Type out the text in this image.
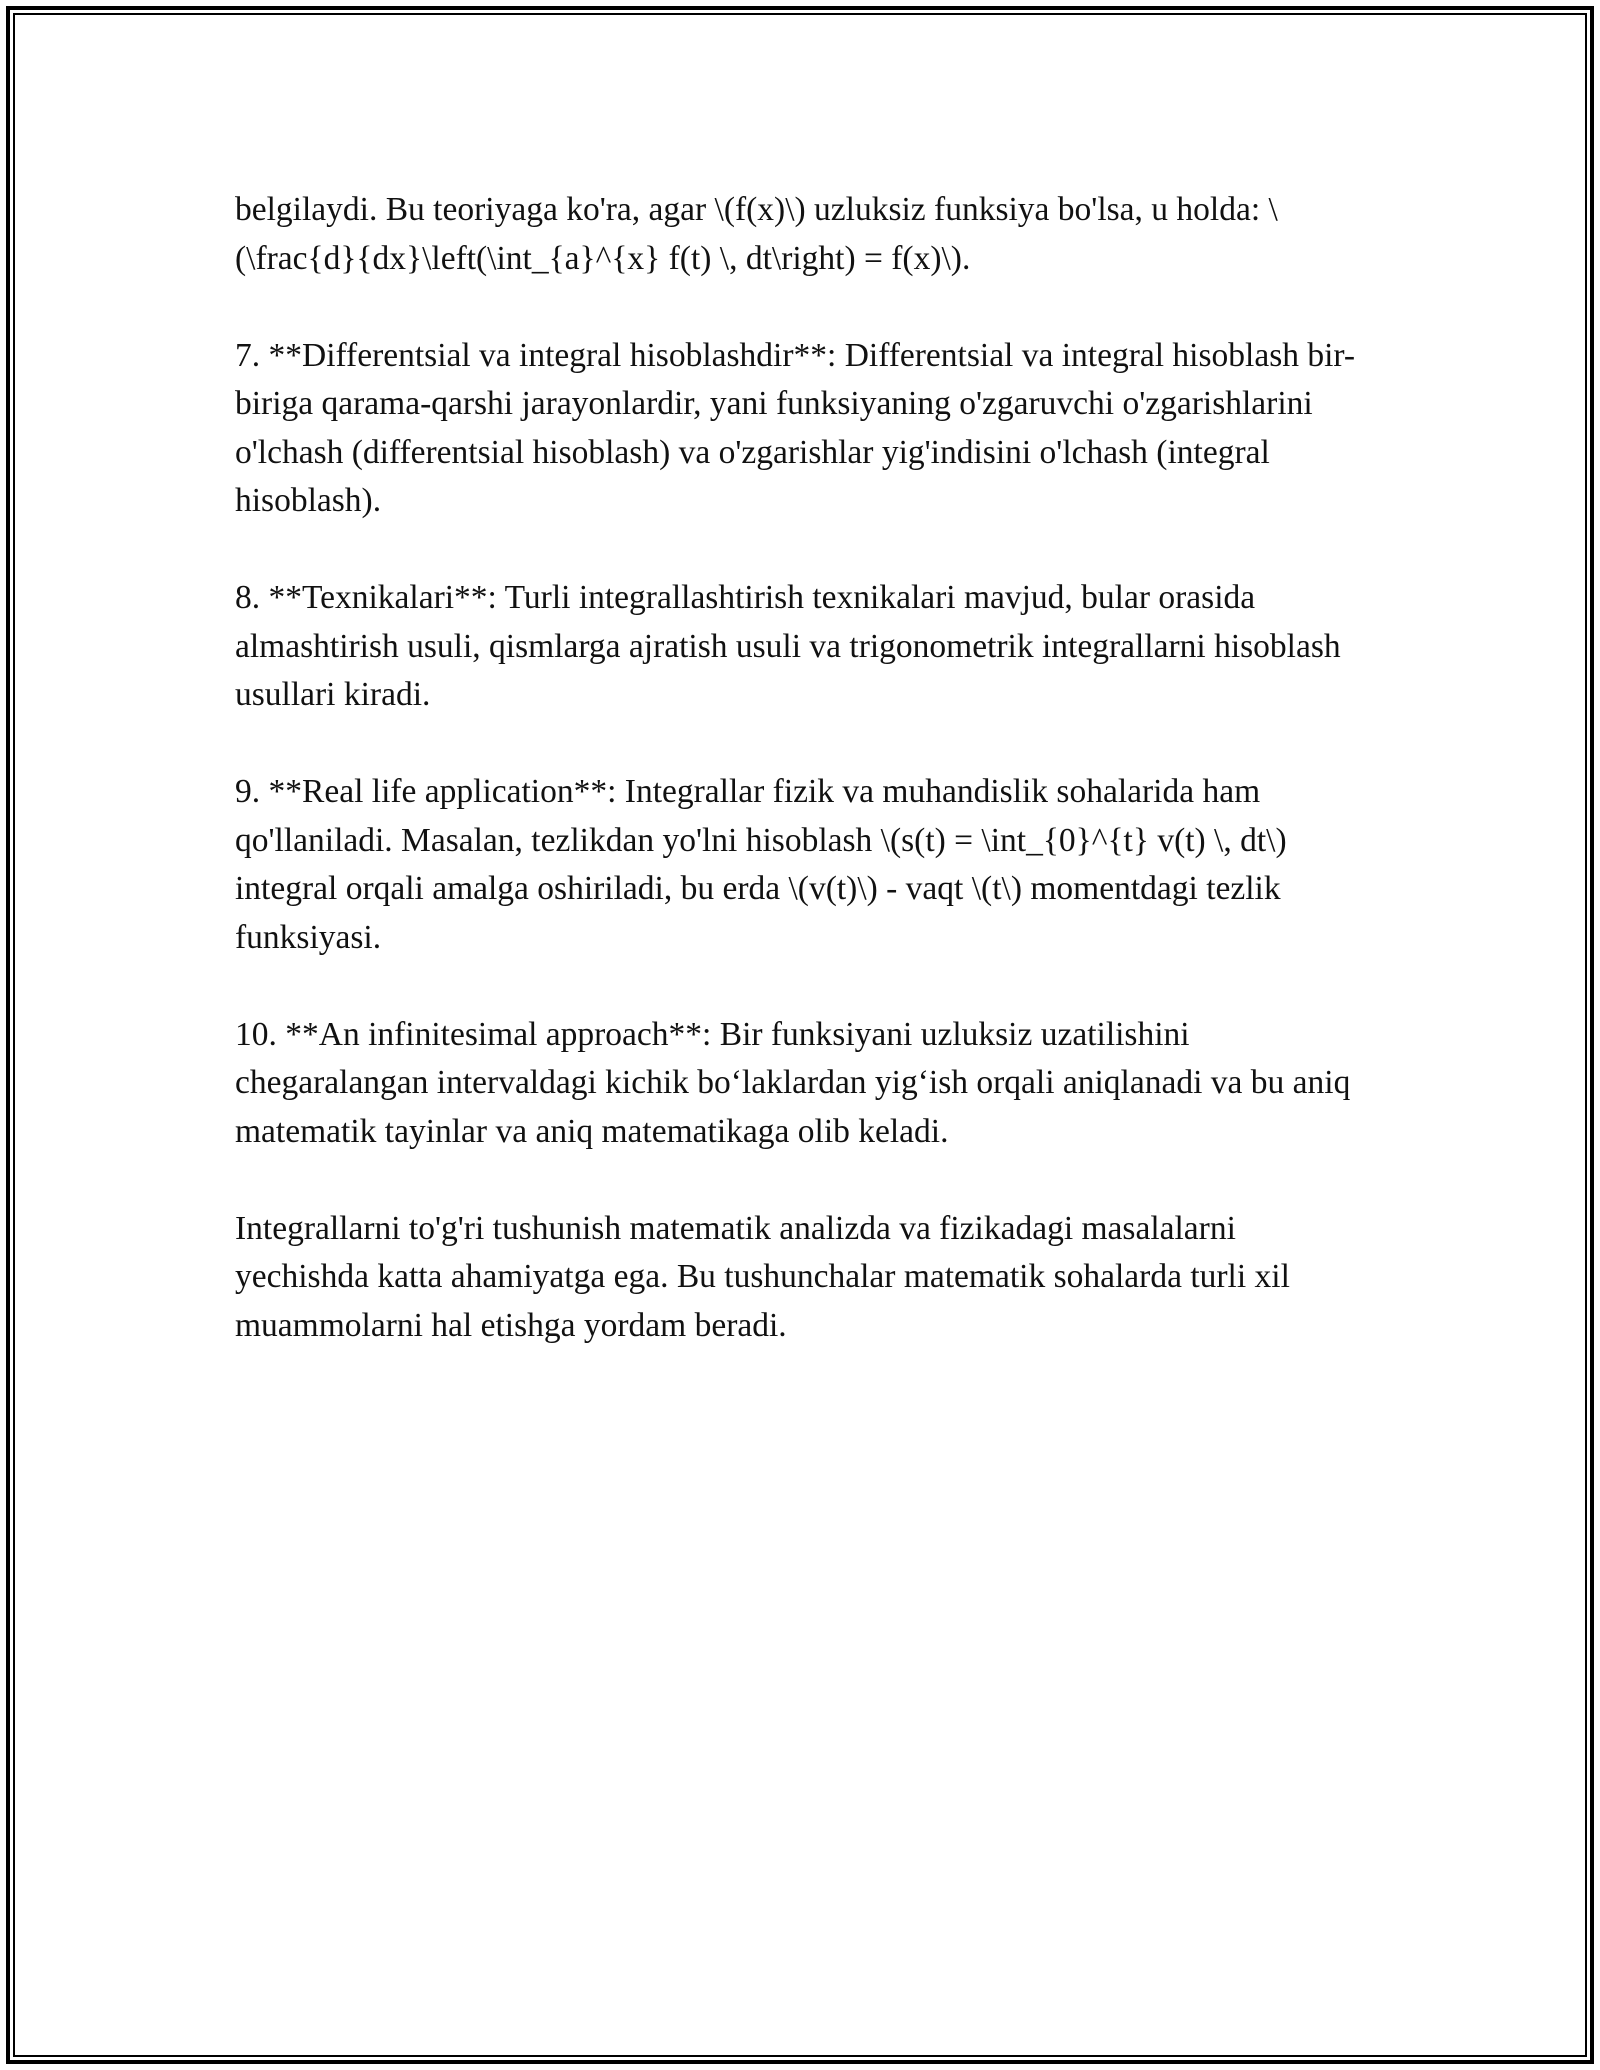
belgilaydi. Bu teoriyaga ko'ra, agar \(f(x)\) uzluksiz funksiya bo'lsa, u holda: \(\frac{d}{dx}\left(\int_{a}^{x} f(t) \, dt\right) = f(x)\).

7. **Differentsial va integral hisoblashdir**: Differentsial va integral hisoblash bir-biriga qarama-qarshi jarayonlardir, yani funksiyaning o'zgaruvchi o'zgarishlarini o'lchash (differentsial hisoblash) va o'zgarishlar yig'indisini o'lchash (integral hisoblash).

8. **Texnikalari**: Turli integrallashtirish texnikalari mavjud, bular orasida almashtirish usuli, qismlarga ajratish usuli va trigonometrik integrallarni hisoblash usullari kiradi.

9. **Real life application**: Integrallar fizik va muhandislik sohalarida ham qo'llaniladi. Masalan, tezlikdan yo'lni hisoblash \(s(t) = \int_{0}^{t} v(t) \, dt\) integral orqali amalga oshiriladi, bu erda \(v(t)\) - vaqt \(t\) momentdagi tezlik funksiyasi.

10. **An infinitesimal approach**: Bir funksiyani uzluksiz uzatilishini chegaralangan intervaldagi kichik bo‘laklardan yig‘ish orqali aniqlanadi va bu aniq matematik tayinlar va aniq matematikaga olib keladi.

Integrallarni to'g'ri tushunish matematik analizda va fizikadagi masalalarni yechishda katta ahamiyatga ega. Bu tushunchalar matematik sohalarda turli xil muammolarni hal etishga yordam beradi.
